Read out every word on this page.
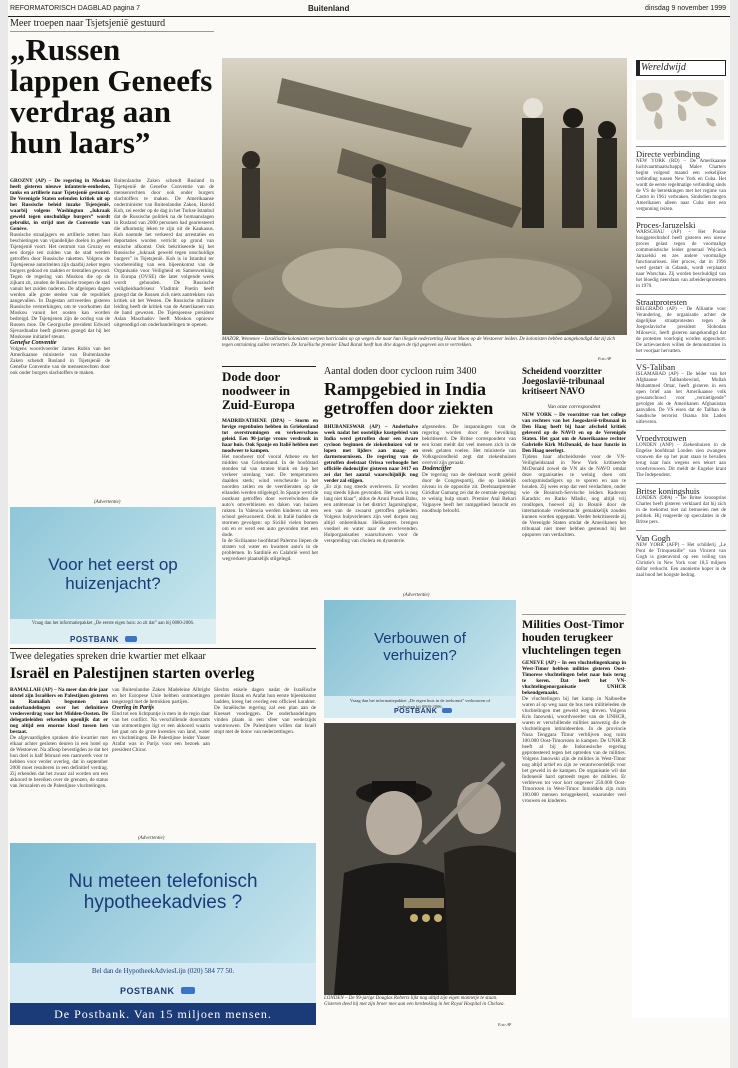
REFORMATORISCH DAGBLAD pagina 7	Buitenland	dinsdag 9 november 1999
Meer troepen naar Tsjetsjenië gestuurd
„Russen lappen Geneefs verdrag aan hun laars”
GROZNY (AP) – De regering in Moskau heeft gisteren nieuwe infanterie-eenheden, tanks en artillerie naar Tsjetsjenië gestuurd. De Verenigde Staten oefenden kritiek uit op het Russische beleid inzake Tsjetsjenië, waarbij volgens Washington „lukraak geweld tegen onschuldige burgers” wordt gebruikt, in strijd met de Conventie van Genève.
Russische straaljagers en artillerie zetten hun beschietingen van vijandelijke doelen in geheel Tsjetsjenië voort. Het centrum van Grozny en een dorpje ten zuiden van de stad werden getroffen door Russische raketten. Volgens de Tsjetsjeense autoriteiten zijn daarbij zeker tegen burgers gedood en raakten er tientallen gewond. Tegen de regering van Moskou die op de zijkant zit, zouden de Russische troepen de stad vanuit het zuiden naderen. De afgelopen dagen werden alle grote steden van de republiek aangevallen. In Dagestan arriveerden gisteren Russische versterkingen, om te voorkomen dat Moskou vanuit het oosten kan worden bedreigd. De Tsjetsjenen zijn de oorlog van de Russen moe. De Georgische president Edward Sjevardnadze heeft gisteren gezegd dat hij het Moskouse initiatief steunt.
Genefse Conventie
Volgens woordvoerder James Rubin van het Amerikaanse ministerie van Buitenlandse Zaken schendt Rusland in Tsjetsjenië de Genefse Conventie van de mensenrechten door ook onder burgers slachtoffers te maken.
Buitenlandse Zaken schendt Rusland in Tsjetsjenië de Genefse Conventie van de mensenrechten door ook onder burgers slachtoffers te maken. De Amerikaanse onderminister van Buitenlandse Zaken, Harold Koh, zei eerder op de dag in het Turkse Istanbul dat de Russische politiek na de bomaanslagen in Rusland van 2000 personen had gearresteerd die afkomstig leken te zijn uit de Kaukasus. Koh noemde het verkeerd dat arrestaties en deportaties worden verricht op grond van etnische afkomst. Ook bekritiseerde hij het Russische „lukraak geweld tegen onschuldige burgers” in Tsjetsjenië. Koh is in Istanbul ter voorbereiding van een bijeenkomst van de Organisatie voor Veiligheid en Samenwerking in Europa (OVSE) die later volgende week wordt gehouden. De Russische veiligheidsadviseur Vladimir Poetin heeft gezegd dat de Russen zich niets aantrekken van kritiek uit het Westen. De Russische militaire leiding heeft de kritiek van de Amerikanen van de hand gewezen. De Tsjetsjeense president Aslan Maschadov heeft Moskou opnieuw uitgenodigd om onderhandelingen te openen.
(Advertentie)
Voor het eerst op huizenjacht?
Vraag dan het informatiepakket „De eerste eigen huis: zo zit dat” aan bij 0800-2006.
POSTBANK
MAZOR, Wemenee – Israëlische kolonisten werpen barricades op op wegen die naar hun illegale nederzetting Havat Maon op de Westoever leiden. De kolonisten hebben aangekondigd dat zij zich tegen ontruiming zullen verzetten. De Israëlische premier Ehud Barak heeft hun drie dagen de tijd gegeven om te vertrekken.
Foto AP
Dode door noodweer in Zuid-Europa
MADRID/ATHENE (DPA) – Storm en hevige regenbuien hebben in Griekenland tot overstromingen en verkeerschaos geleid. Een 90-jarige vrouw verdronk in haar huis. Ook Spanje en Italië hebben met noodweer te kampen.
Het noodweer trof vooral Athene en het midden van Griekenland. In de hoofdstad stonden tal van straten blank en liep het verkeer urenlang vast. De temperaturen daalden sterk; wind verscheurde in het noorden zeilen en de veerdiensten op de eilanden werden stilgelegd. In Spanje werd de oostkust getroffen door wervelwinden die auto's omverbliezen en daken van huizen rukten. In Valencia werden kinderen uit een school geëvacueerd. Ook in Italië hadden de stormen gevolgen: op Sicilië vielen bomen om en er werd een auto gevonden met een dode.
In de Siciliaanse hoofdstad Palermo liepen de straten vol water en kwamen auto's in de problemen. In Sardinië en Calabrië werd het wegverkeer plaatselijk stilgelegd.
Aantal doden door cycloon ruim 3400
Rampgebied in India getroffen door ziekten
BHUBANESWAR (AP) – Anderhalve week nadat het oostelijke kustgebied van India werd getroffen door een zware cycloon beginnen de ziekenhuizen vol te lopen met lijders aan maag- en darmstoornissen. De regering van de getroffen deelstaat Orissa verhoogde het officiële dodencijfer gisteren naar 3417 en zei dat het aantal waarschijnlijk nog verder zal stijgen.
„Er zijn nog steeds overlevers. Er worden nog steeds lijken gevonden. Het werk is nog lang niet klaar”, aldus de Aruni Prasad Babu, een ambtenaar in het district Jagatsinghpur, een van de zwaarst getroffen gebieden. Volgens hulpverleners zijn veel dorpen nog altijd onbereikbaar. Helikopters brengen voedsel en water naar de overlevenden. Hulporganisaties waarschuwen voor de verspreiding van cholera en dysenterie.
afgesneden. De inspanningen van de regering worden door de bevolking bekritiseerd. De Britse correspondent van een krant meldt dat veel mensen zich in de steek gelaten voelen. Het ministerie van Volksgezondheid zegt dat ziekenhuizen overvol zijn geraakt.
Dodencijfer
De regering van de deelstaat wordt geleid door de Congrespartij, die op landelijk niveau in de oppositie zit. Deelstaatpremier Giridhar Gamang zei dat de centrale regering te weinig hulp stuurt. Premier Atal Behari Vajpayee heeft het rampgebied bezocht en noodhulp beloofd.
(Advertentie)
Verbouwen of verhuizen?
Vraag dan het informatiepakket „De eigen huis in de toekomst” verbouwen of verhuizen bij 0800-2006.
POSTBANK
Scheidend voorzitter Joegoslavië-tribunaal kritiseert NAVO
Van onze correspondent
NEW YORK – De voorzitter van het college van rechters van het Joegoslavië-tribunaal in Den Haag heeft bij haar afscheid kritiek geleverd op de NAVO en op de Verenigde Staten. Het gaat om de Amerikaanse rechter Gabrielle Kirk McDonald, de haar functie in Den Haag neerlegt.
Tijdens haar afscheidsrede voor de VN-Veiligheidsraad in New York kritiseerde McDonald zowel de VN als de NAVO omdat deze organisaties te weinig doen om oorlogsmisdadigers op te sporen en aan te houden. Zij wees erop dat veel verdachten, onder wie de Bosnisch-Servische leiders Radovan Karadzic en Ratko Mladic, nog altijd vrij rondlopen, hoewel zij in Bosnië door de internationale vredesmacht gemakkelijk zouden kunnen worden opgepakt. Verder bekritiseerde zij de Verenigde Staten omdat de Amerikanen het tribunaal niet meer hebben gesteund bij het opsporen van verdachten.
Milities Oost-Timor houden terugkeer vluchtelingen tegen
GENEVE (AP) – In een vluchtelingenkamp in West-Timor hebben milities gisteren Oost-Timorese vluchtelingen belet naar huis terug te keren. Dat heeft het VN-vluchtelingenorganisatie UNHCR bekendgemaakt.
De vluchtelingen bij het kamp in Naiboelbe waren al op weg naar de bus toen militieleden de vluchtelingen met geweld weg dreven. Volgens Kris Janowski, woordvoerder van de UNHCR, waren er verschillende milities aanwezig die de vluchtelingen intimideerden. In de provincie Nusa Tenggara Timur verblijven nog ruim 100.000 Oost-Timorezen in kampen. De UNHCR heeft al bij de Indonesische regering geprotesteerd tegen het optreden van de milities. Volgens Janowski zijn de milities in West-Timor nog altijd actief en zijn ze verantwoordelijk voor het geweld in de kampen. De organisatie wil dat Indonesië hard optreedt tegen de milities. Er verbleven tot voor kort ongeveer 250.000 Oost-Timorezen in West-Timor. Inmiddels zijn ruim 100.000 mensen teruggekeerd, waaronder veel vrouwen en kinderen.
Twee delegaties spreken drie kwartier met elkaar
Israël en Palestijnen starten overleg
RAMALLAH (AP) – Na meer dan drie jaar uitstel zijn Israëliers en Palestijnen gisteren in Ramallah begonnen aan onderhandelingen over het definitieve vredesverdrag voor het Midden-Oosten. De delegatieleiden erkenden openlijk dat er nog altijd een enorme kloof tussen hen bestaat.
De afgevaardigden spraken drie kwartier met elkaar achter gesloten deuren in een hotel op de Westoever. Na afloop bevestigden ze dat het hun doel is half februari een raamwerk voor te hebben voor verder overleg, dat in september 2000 moet resulteren in een definitief verdrag. Zij erkenden dat het zwaar zal worden om een akkoord te bereiken over de grenzen, de status van Jeruzalem en de Palestijnse vluchtelingen.
van Buitenlandse Zaken Madeleine Albright en het Europese Unie hebben ontmoetingen toegezegd met de betrokken partijen.
Overleg in Parijs
Eind tot een lichtpuntje is men in de regio daar van het conflict. Na verschillende doorstarts van ontmoetingen ligt er een akkoord waarin het gaat om de grote kwesties van land, water en vluchtelingen. De Palestijnse leider Yasser Arafat was in Parijs voor een bezoek aan president Chirac.
Slechts enkele dagen nadat de Israëlische premier Barak en Arafat hun eerste bijeenkomst hadden, kreeg het overleg een officieel karakter. De Israëlische regering zal een plan aan de Knesset voorleggen. De onderhandelingen vinden plaats in een sfeer van wederzijds wantrouwen. De Palestijnen willen dat Israël stopt met de bouw van nederzettingen.
(Advertentie)
Nu meteen telefonisch hypotheekadvies ?
Bel dan de HypotheekAdviesLijn (020) 584 77 50.
POSTBANK
De Postbank. Van 15 miljoen mensen.
LONDEN – De 99-jarige Douglas Roberts lijkt nog altijd zijn eigen mannetje te staan. Gisteren deed hij met zijn broer mee aan een herdenking in het Royal Hospital in Chelsea.
Foto AP
Wereldwijd
Directe verbinding
NEW YORK (RD) – De Amerikaanse luchtvaartmaatschappij Malev Charters begint volgend maand een wekelijkse verbinding tussen New York en Cuba. Het wordt de eerste regelmatige verbinding sinds de VS de betrekkingen met het regime van Castro in 1961 verbraken. Sindsdien mogen Amerikanen alleen naar Cuba met een vergunning reizen.
Proces-Jaruzelski
WARSCHAU (AP) – Het Poolse hooggerechtshof heeft gisteren een nieuw proces gelast tegen de voormalige communistische leider generaal Wojciech Jaruzelski en zes andere voormalige functionarissen. Het proces, dat in 1996 werd gestart in Gdansk, wordt verplaatst naar Warschau. Zij worden beschuldigd van het bloedig neerslaan van arbeidersprotesten in 1970.
Straatprotesten
BELGRADO (AP) – De Alliantie voor Verandering, de organisatie achter de dagelijkse straatprotesten tegen de Joegoslavische president Slobodan Milosevic, heeft gisteren aangekondigd dat de protesten voorlopig worden opgeschort. De actievoerders willen de demonstraties in het voorjaar hervatten.
VS-Taliban
ISLAMABAD (AP) – De leider van het Afghaanse Talibanbewind, Mullah Mohammed Omar, heeft gisteren in een open brief aan het Amerikaanse volk gewaarschuwd voor „vernietigende” gevolgen als de Amerikanen Afghanistan aanvallen. De VS eisen dat de Taliban de Saudische terrorist Osama bin Laden uitleveren.
Vroedvrouwen
LONDEN (ANP) – Ziekenhuizen in de Engelse hoofdstad Londen zien zwangere vrouwen die op het punt staan te bevallen terug naar huis wegens een tekort aan vroedvrouwen. Dit meldt de Engelse krant The Independent.
Britse koningshuis
LONDEN (DPA) – De Britse kroonprins Charles heeft gisteren verklaard dat hij zich in de toekomst niet zal bemoeien met de politiek. Hij reageerde op speculaties in de Britse pers.
Van Gogh
NEW YORK (AFP) – Het schilderij „Le Pont de Trinquetaille” van Vincent van Gogh is gisteravond op een veiling van Christie's in New York voor 18,5 miljoen dollar verkocht. Een anonieme koper in de zaal bood het hoogste bedrag.
